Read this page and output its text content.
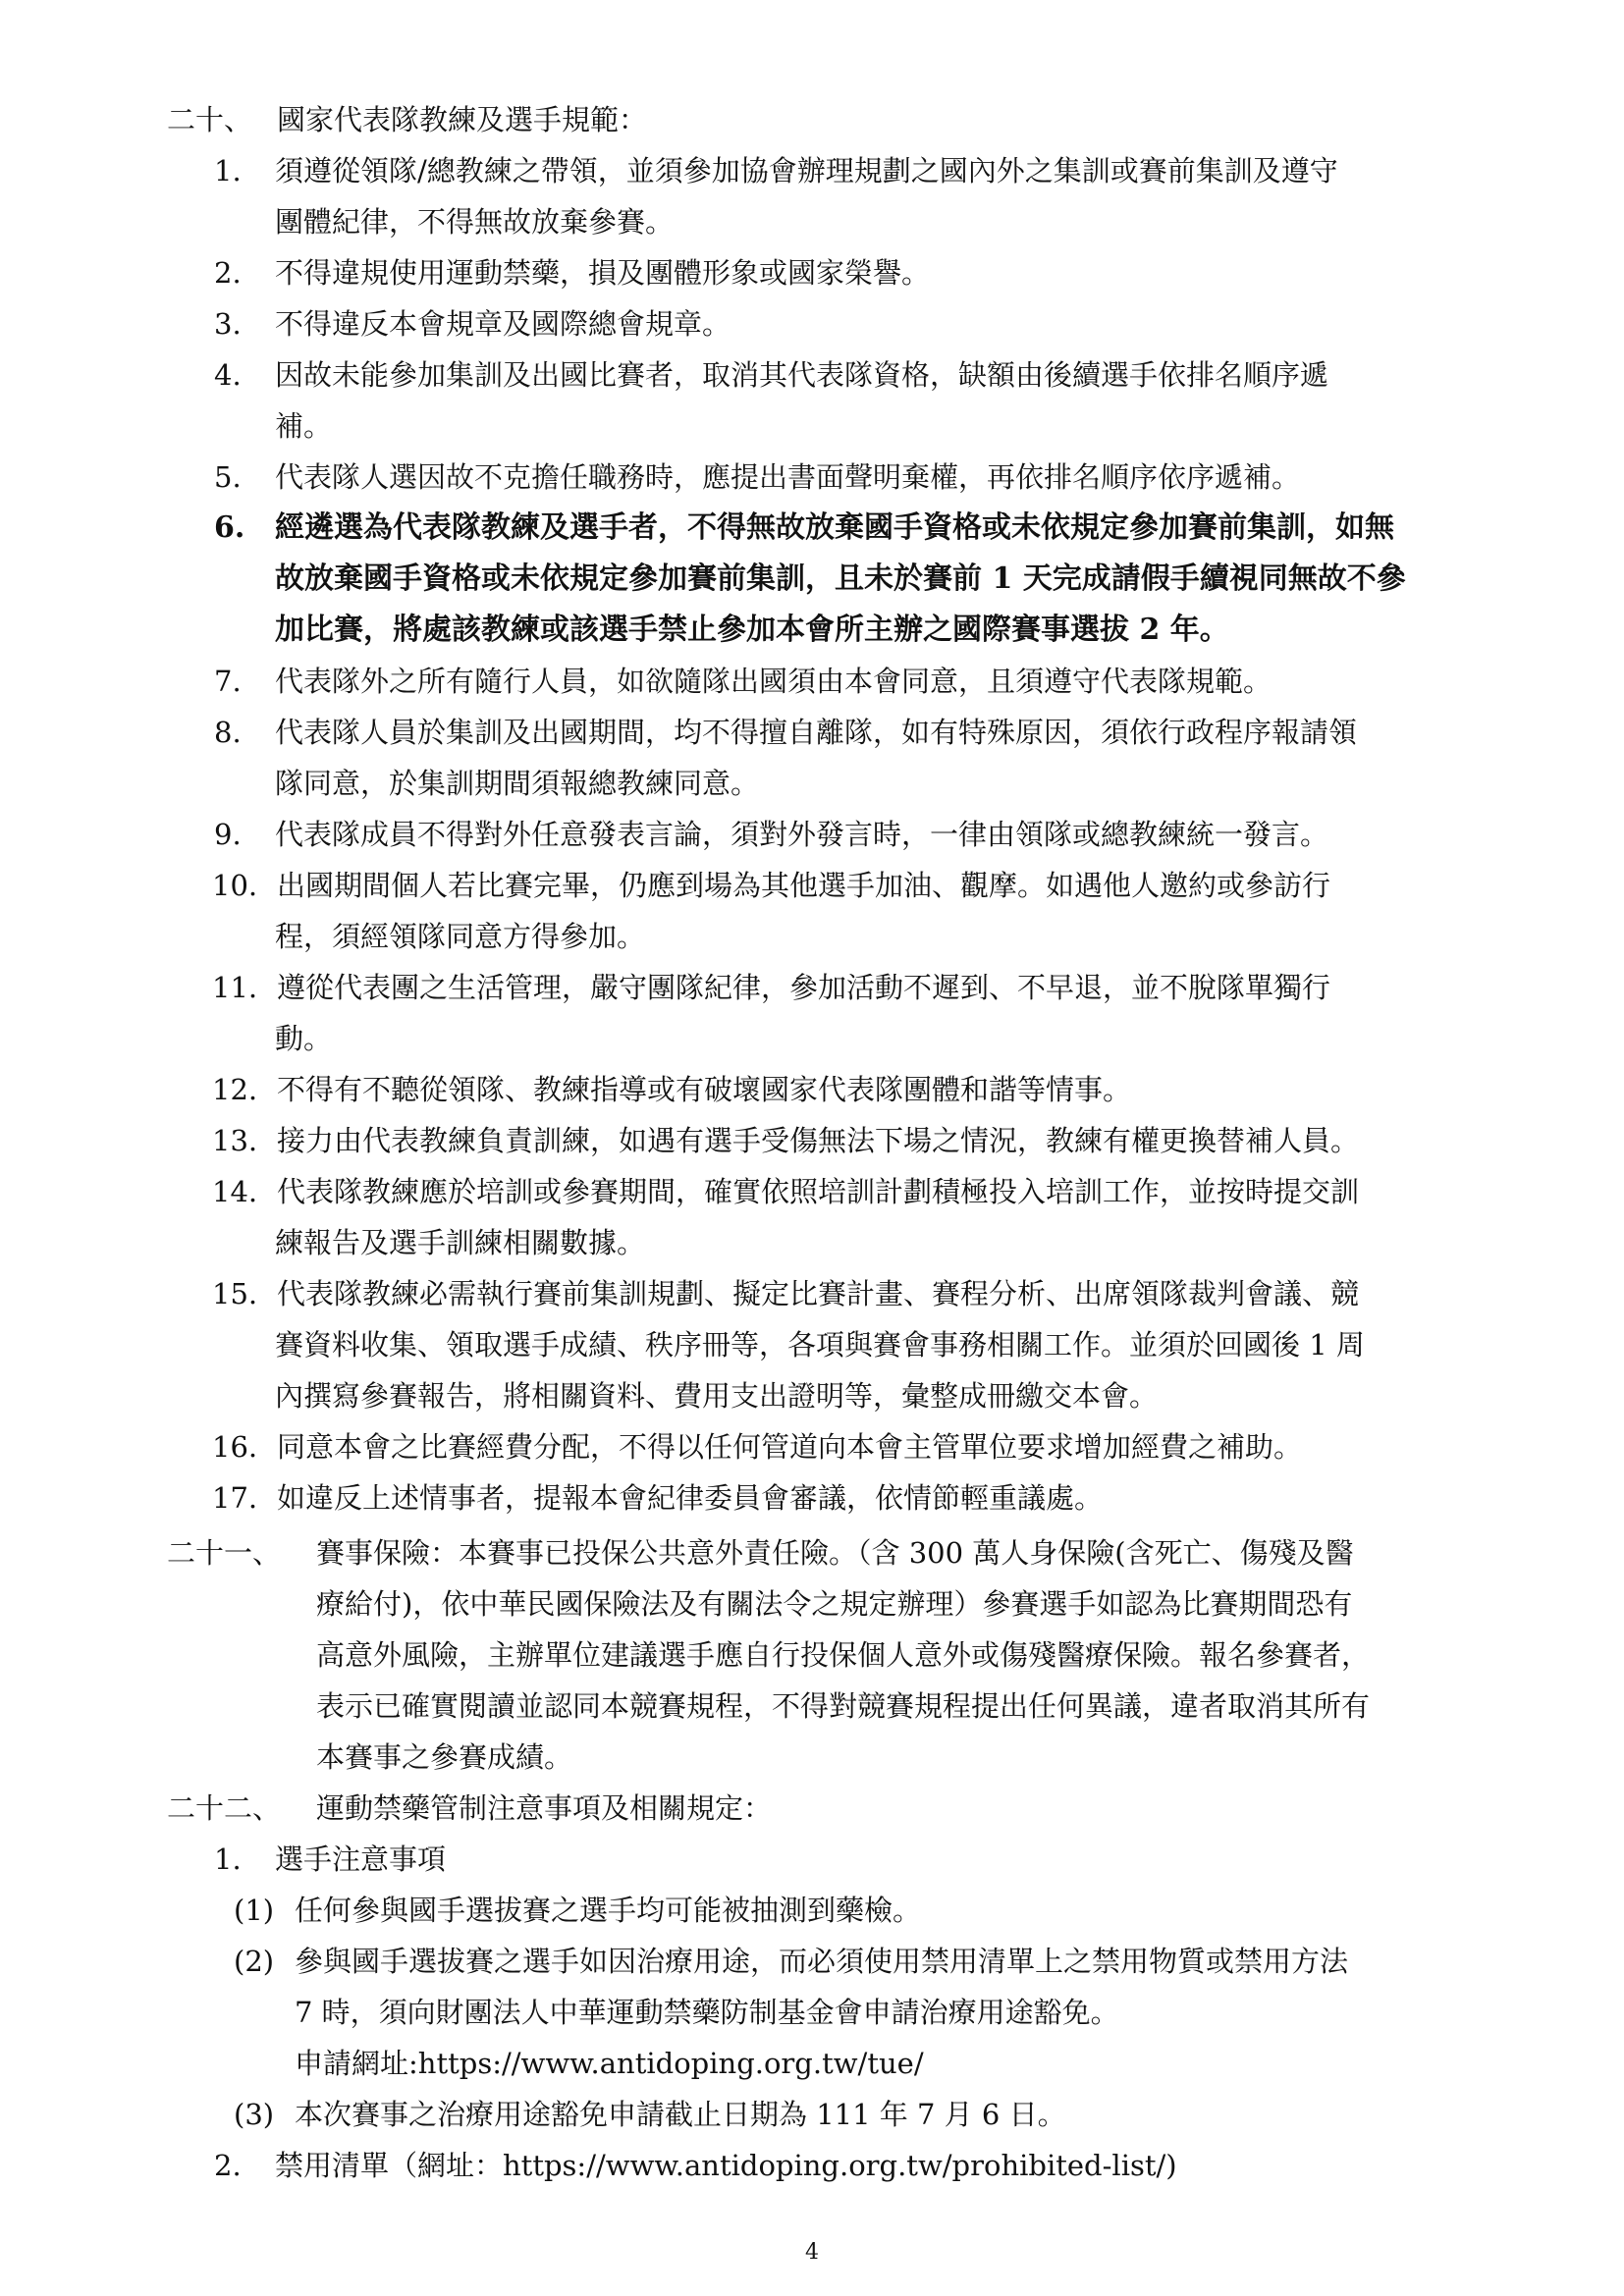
二十、 國家代表隊教練及選手規範：
1. 須遵從領隊/總教練之帶領，並須參加協會辦理規劃之國內外之集訓或賽前集訓及遵守
團體紀律，不得無故放棄參賽。
2. 不得違規使用運動禁藥，損及團體形象或國家榮譽。
3. 不得違反本會規章及國際總會規章。
4. 因故未能參加集訓及出國比賽者，取消其代表隊資格，缺額由後續選手依排名順序遞
補。
5. 代表隊人選因故不克擔任職務時，應提出書面聲明棄權，再依排名順序依序遞補。
6. 經遴選為代表隊教練及選手者，不得無故放棄國手資格或未依規定參加賽前集訓，如無
故放棄國手資格或未依規定參加賽前集訓，且未於賽前 1 天完成請假手續視同無故不參
加比賽，將處該教練或該選手禁止參加本會所主辦之國際賽事選拔 2 年。
7. 代表隊外之所有隨行人員，如欲隨隊出國須由本會同意，且須遵守代表隊規範。
8. 代表隊人員於集訓及出國期間，均不得擅自離隊，如有特殊原因，須依行政程序報請領
隊同意，於集訓期間須報總教練同意。
9. 代表隊成員不得對外任意發表言論，須對外發言時，一律由領隊或總教練統一發言。
10. 出國期間個人若比賽完畢，仍應到場為其他選手加油、觀摩。如遇他人邀約或參訪行
程，須經領隊同意方得參加。
11. 遵從代表團之生活管理，嚴守團隊紀律，參加活動不遲到、不早退，並不脫隊單獨行
動。
12. 不得有不聽從領隊、教練指導或有破壞國家代表隊團體和諧等情事。
13. 接力由代表教練負責訓練，如遇有選手受傷無法下場之情況，教練有權更換替補人員。
14. 代表隊教練應於培訓或參賽期間，確實依照培訓計劃積極投入培訓工作，並按時提交訓
練報告及選手訓練相關數據。
15. 代表隊教練必需執行賽前集訓規劃、擬定比賽計畫、賽程分析、出席領隊裁判會議、競
賽資料收集、領取選手成績、秩序冊等，各項與賽會事務相關工作。並須於回國後 1 周
內撰寫參賽報告，將相關資料、費用支出證明等，彙整成冊繳交本會。
16. 同意本會之比賽經費分配，不得以任何管道向本會主管單位要求增加經費之補助。
17. 如違反上述情事者，提報本會紀律委員會審議，依情節輕重議處。
二十一、 賽事保險：本賽事已投保公共意外責任險。（含 300 萬人身保險(含死亡、傷殘及醫
療給付)，依中華民國保險法及有關法令之規定辦理）參賽選手如認為比賽期間恐有
高意外風險，主辦單位建議選手應自行投保個人意外或傷殘醫療保險。報名參賽者，
表示已確實閱讀並認同本競賽規程，不得對競賽規程提出任何異議，違者取消其所有
本賽事之參賽成績。
二十二、 運動禁藥管制注意事項及相關規定：
1. 選手注意事項
(1) 任何參與國手選拔賽之選手均可能被抽測到藥檢。
(2) 參與國手選拔賽之選手如因治療用途，而必須使用禁用清單上之禁用物質或禁用方法
7 時，須向財團法人中華運動禁藥防制基金會申請治療用途豁免。
申請網址:https://www.antidoping.org.tw/tue/
(3) 本次賽事之治療用途豁免申請截止日期為 111 年 7 月 6 日。
2. 禁用清單（網址：https://www.antidoping.org.tw/prohibited-list/)
4
